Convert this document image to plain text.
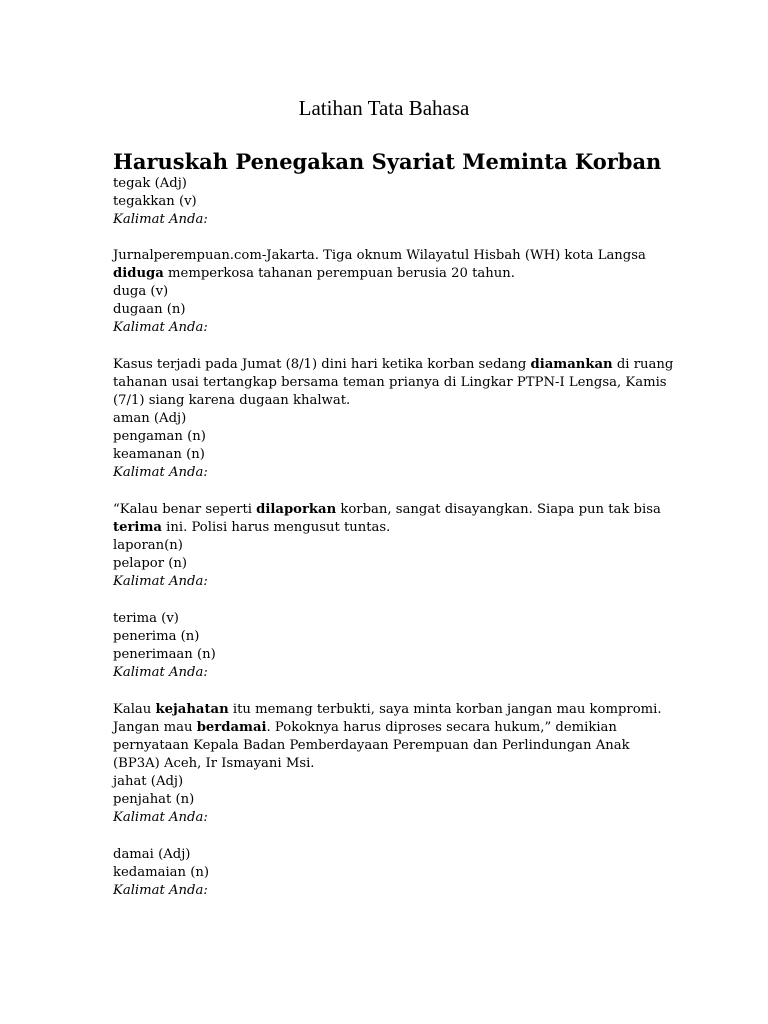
Latihan Tata Bahasa
Haruskah Penegakan Syariat Meminta Korban
tegak (Adj)
tegakkan (v)
Kalimat Anda:
Jurnalperempuan.com-Jakarta. Tiga oknum Wilayatul Hisbah (WH) kota Langsa
diduga memperkosa tahanan perempuan berusia 20 tahun.
duga (v)
dugaan (n)
Kalimat Anda:
Kasus terjadi pada Jumat (8/1) dini hari ketika korban sedang diamankan di ruang
tahanan usai tertangkap bersama teman prianya di Lingkar PTPN-I Lengsa, Kamis
(7/1) siang karena dugaan khalwat.
aman (Adj)
pengaman (n)
keamanan (n)
Kalimat Anda:
“Kalau benar seperti dilaporkan korban, sangat disayangkan. Siapa pun tak bisa
terima ini. Polisi harus mengusut tuntas.
laporan(n)
pelapor (n)
Kalimat Anda:
terima (v)
penerima (n)
penerimaan (n)
Kalimat Anda:
Kalau kejahatan itu memang terbukti, saya minta korban jangan mau kompromi.
Jangan mau berdamai. Pokoknya harus diproses secara hukum,” demikian
pernyataan Kepala Badan Pemberdayaan Perempuan dan Perlindungan Anak
(BP3A) Aceh, Ir Ismayani Msi.
jahat (Adj)
penjahat (n)
Kalimat Anda:
damai (Adj)
kedamaian (n)
Kalimat Anda:
